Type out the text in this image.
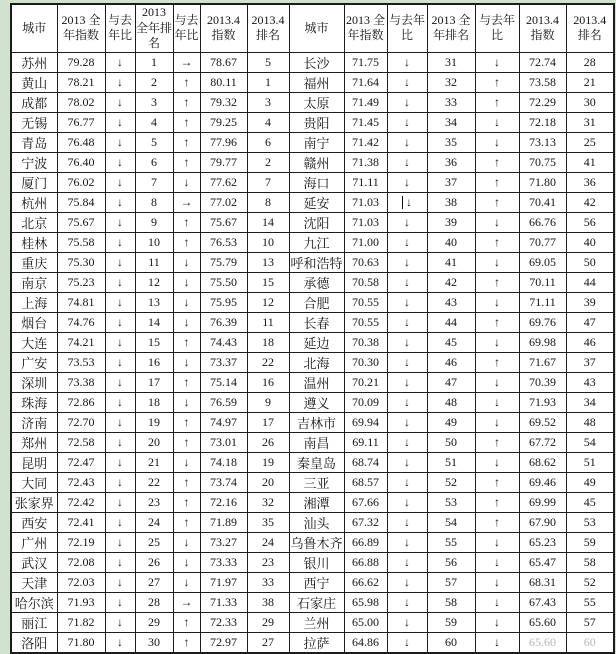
城市	2013 全年指数	与去年比	2013 全年排名	与去年比	2013.4 指数	2013.4 排名	城市	2013 全年指数	与去年比	2013 全年排名	与去年比	2013.4 指数	2013.4 排名
苏州	79.28	↓	1	→	78.67	5	长沙	71.75	↓	31	↓	72.74	28
黄山	78.21	↓	2	↑	80.11	1	福州	71.64	↓	32	↑	73.58	21
成都	78.02	↓	3	↑	79.32	3	太原	71.49	↓	33	↑	72.29	30
无锡	76.77	↓	4	↑	79.25	4	贵阳	71.45	↓	34	↓	72.18	31
青岛	76.48	↓	5	↑	77.96	6	南宁	71.42	↓	35	↓	73.13	25
宁波	76.40	↓	6	↑	79.77	2	赣州	71.38	↓	36	↑	70.75	41
厦门	76.02	↓	7	↓	77.62	7	海口	71.11	↓	37	↑	71.80	36
杭州	75.84	↓	8	→	77.02	8	延安	71.03	↓	38	↑	70.41	42
北京	75.67	↓	9	↑	75.67	14	沈阳	71.03	↓	39	↓	66.76	56
桂林	75.58	↓	10	↑	76.53	10	九江	71.00	↓	40	↑	70.77	40
重庆	75.30	↓	11	↓	75.79	13	呼和浩特	70.63	↓	41	↓	69.05	50
南京	75.23	↓	12	↓	75.50	15	承德	70.58	↓	42	↑	70.11	44
上海	74.81	↓	13	↓	75.95	12	合肥	70.55	↓	43	↓	71.11	39
烟台	74.76	↓	14	↓	76.39	11	长春	70.55	↓	44	↑	69.76	47
大连	74.21	↓	15	↑	74.43	18	延边	70.38	↓	45	↓	69.98	46
广安	73.53	↓	16	↓	73.37	22	北海	70.30	↓	46	↑	71.67	37
深圳	73.38	↓	17	↑	75.14	16	温州	70.21	↓	47	↓	70.39	43
珠海	72.86	↓	18	↓	76.59	9	遵义	70.09	↓	48	↓	71.93	34
济南	72.70	↓	19	↑	74.97	17	吉林市	69.94	↓	49	↓	69.52	48
郑州	72.58	↓	20	↑	73.01	26	南昌	69.11	↓	50	↑	67.72	54
昆明	72.47	↓	21	↓	74.18	19	秦皇岛	68.74	↓	51	↓	68.62	51
大同	72.43	↓	22	↑	73.74	20	三亚	68.57	↓	52	↑	69.46	49
张家界	72.42	↓	23	↑	72.16	32	湘潭	67.66	↓	53	↑	69.99	45
西安	72.41	↓	24	↑	71.89	35	汕头	67.32	↓	54	↑	67.90	53
广州	72.19	↓	25	↓	73.27	24	乌鲁木齐	66.89	↓	55	↓	65.23	59
武汉	72.08	↓	26	↓	73.33	23	银川	66.88	↓	56	↓	65.47	58
天津	72.03	↓	27	↓	71.97	33	西宁	66.62	↓	57	↓	68.31	52
哈尔滨	71.93	↓	28	→	71.33	38	石家庄	65.98	↓	58	↓	67.43	55
丽江	71.82	↓	29	↑	72.33	29	兰州	65.00	↓	59	↓	65.60	57
洛阳	71.80	↓	30	↑	72.97	27	拉萨	64.86	↓	60	↓	65.60	60
